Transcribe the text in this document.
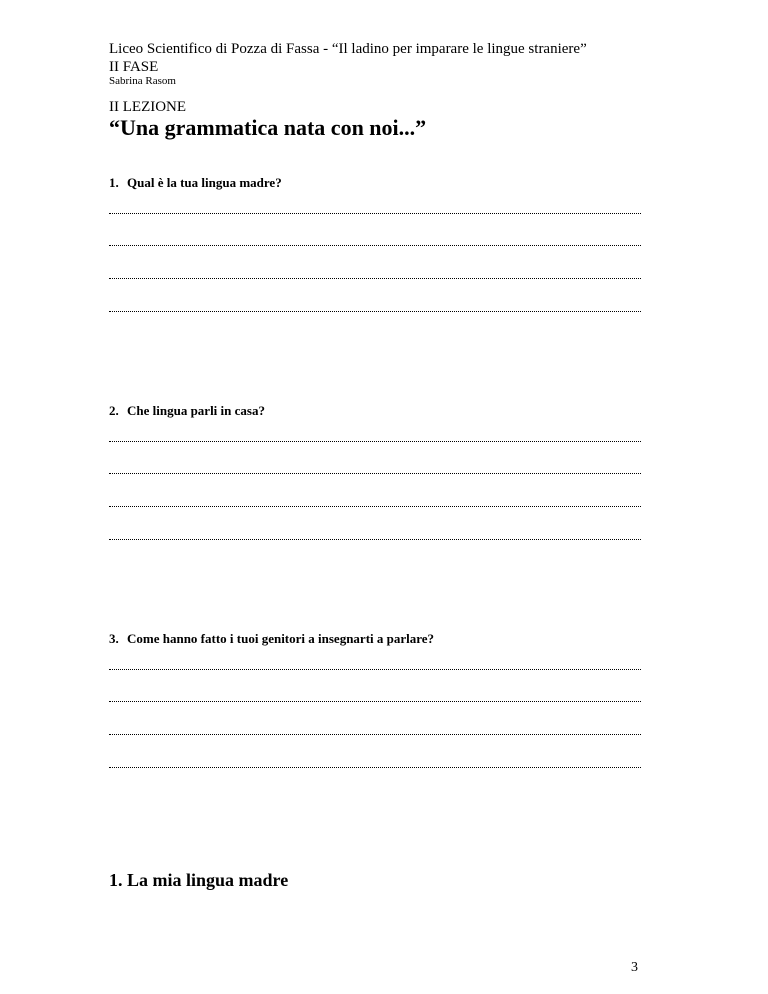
Liceo Scientifico di Pozza di Fassa - “Il ladino per imparare le lingue straniere”
II FASE
Sabrina Rasom
II LEZIONE
“Una grammatica nata con noi...”
1. Qual è la tua lingua madre?
2. Che lingua parli in casa?
3. Come hanno fatto i tuoi genitori a insegnarti a parlare?
1. La mia lingua madre
3
